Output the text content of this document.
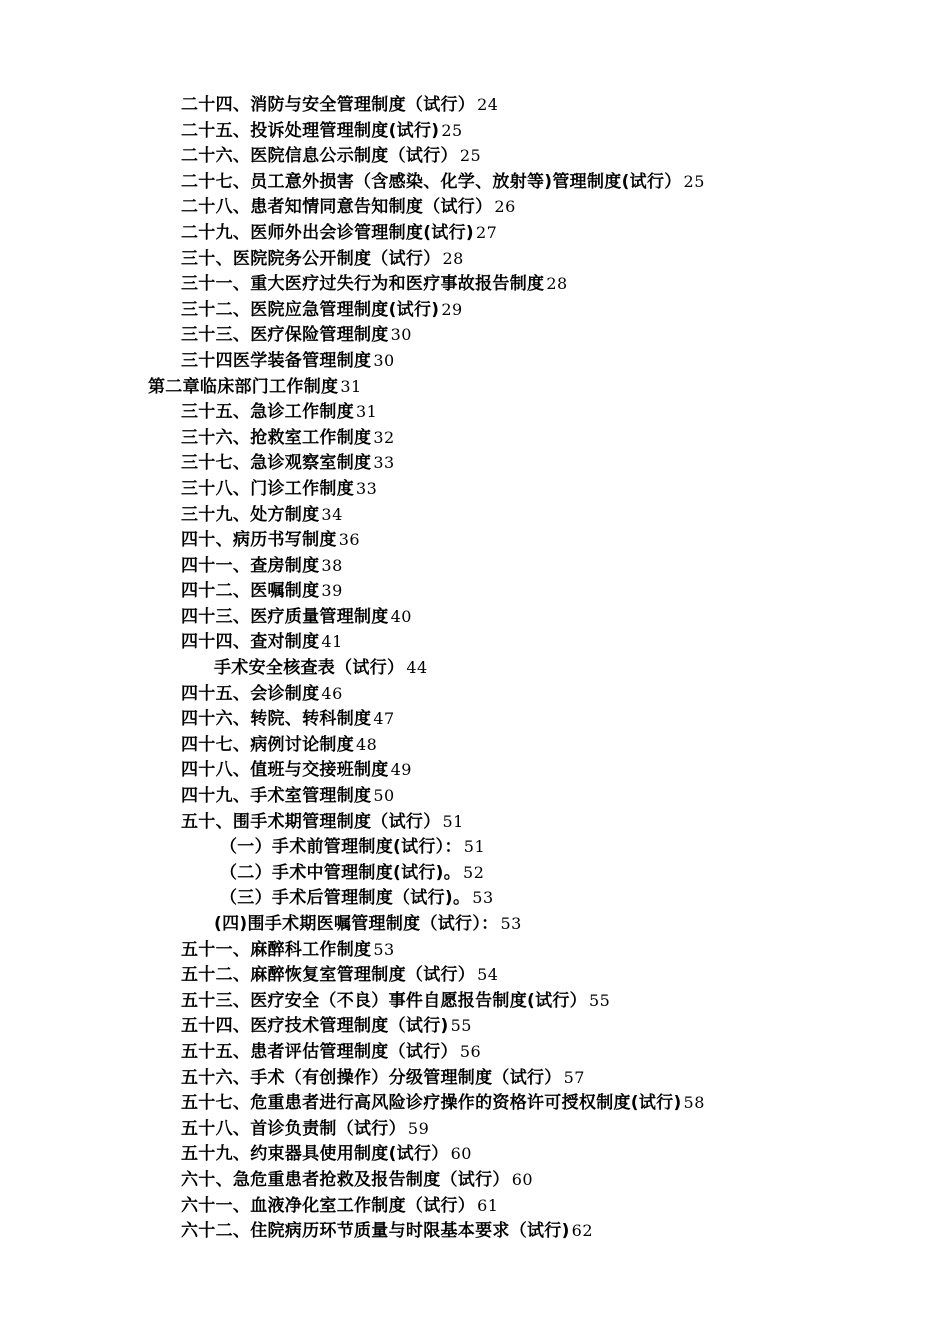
二十四、消防与安全管理制度（试行） 24
二十五、投诉处理管理制度(试行) 25
二十六、医院信息公示制度（试行） 25
二十七、员工意外损害（含感染、化学、放射等)管理制度(试行） 25
二十八、患者知情同意告知制度（试行） 26
二十九、医师外出会诊管理制度(试行) 27
三十、医院院务公开制度（试行） 28
三十一、重大医疗过失行为和医疗事故报告制度 28
三十二、医院应急管理制度(试行) 29
三十三、医疗保险管理制度 30
三十四医学装备管理制度 30
第二章临床部门工作制度 31
三十五、急诊工作制度 31
三十六、抢救室工作制度 32
三十七、急诊观察室制度 33
三十八、门诊工作制度 33
三十九、处方制度 34
四十、病历书写制度 36
四十一、查房制度 38
四十二、医嘱制度 39
四十三、医疗质量管理制度 40
四十四、查对制度 41
手术安全核查表（试行） 44
四十五、会诊制度 46
四十六、转院、转科制度 47
四十七、病例讨论制度 48
四十八、值班与交接班制度 49
四十九、手术室管理制度 50
五十、围手术期管理制度（试行） 51
（一）手术前管理制度(试行）： 51
（二）手术中管理制度(试行)。 52
（三）手术后管理制度（试行)。 53
(四)围手术期医嘱管理制度（试行）： 53
五十一、麻醉科工作制度 53
五十二、麻醉恢复室管理制度（试行） 54
五十三、医疗安全（不良）事件自愿报告制度(试行） 55
五十四、医疗技术管理制度（试行) 55
五十五、患者评估管理制度（试行） 56
五十六、手术（有创操作）分级管理制度（试行） 57
五十七、危重患者进行高风险诊疗操作的资格许可授权制度(试行) 58
五十八、首诊负责制（试行） 59
五十九、约束器具使用制度(试行） 60
六十、急危重患者抢救及报告制度（试行） 60
六十一、血液净化室工作制度（试行） 61
六十二、住院病历环节质量与时限基本要求（试行) 62
